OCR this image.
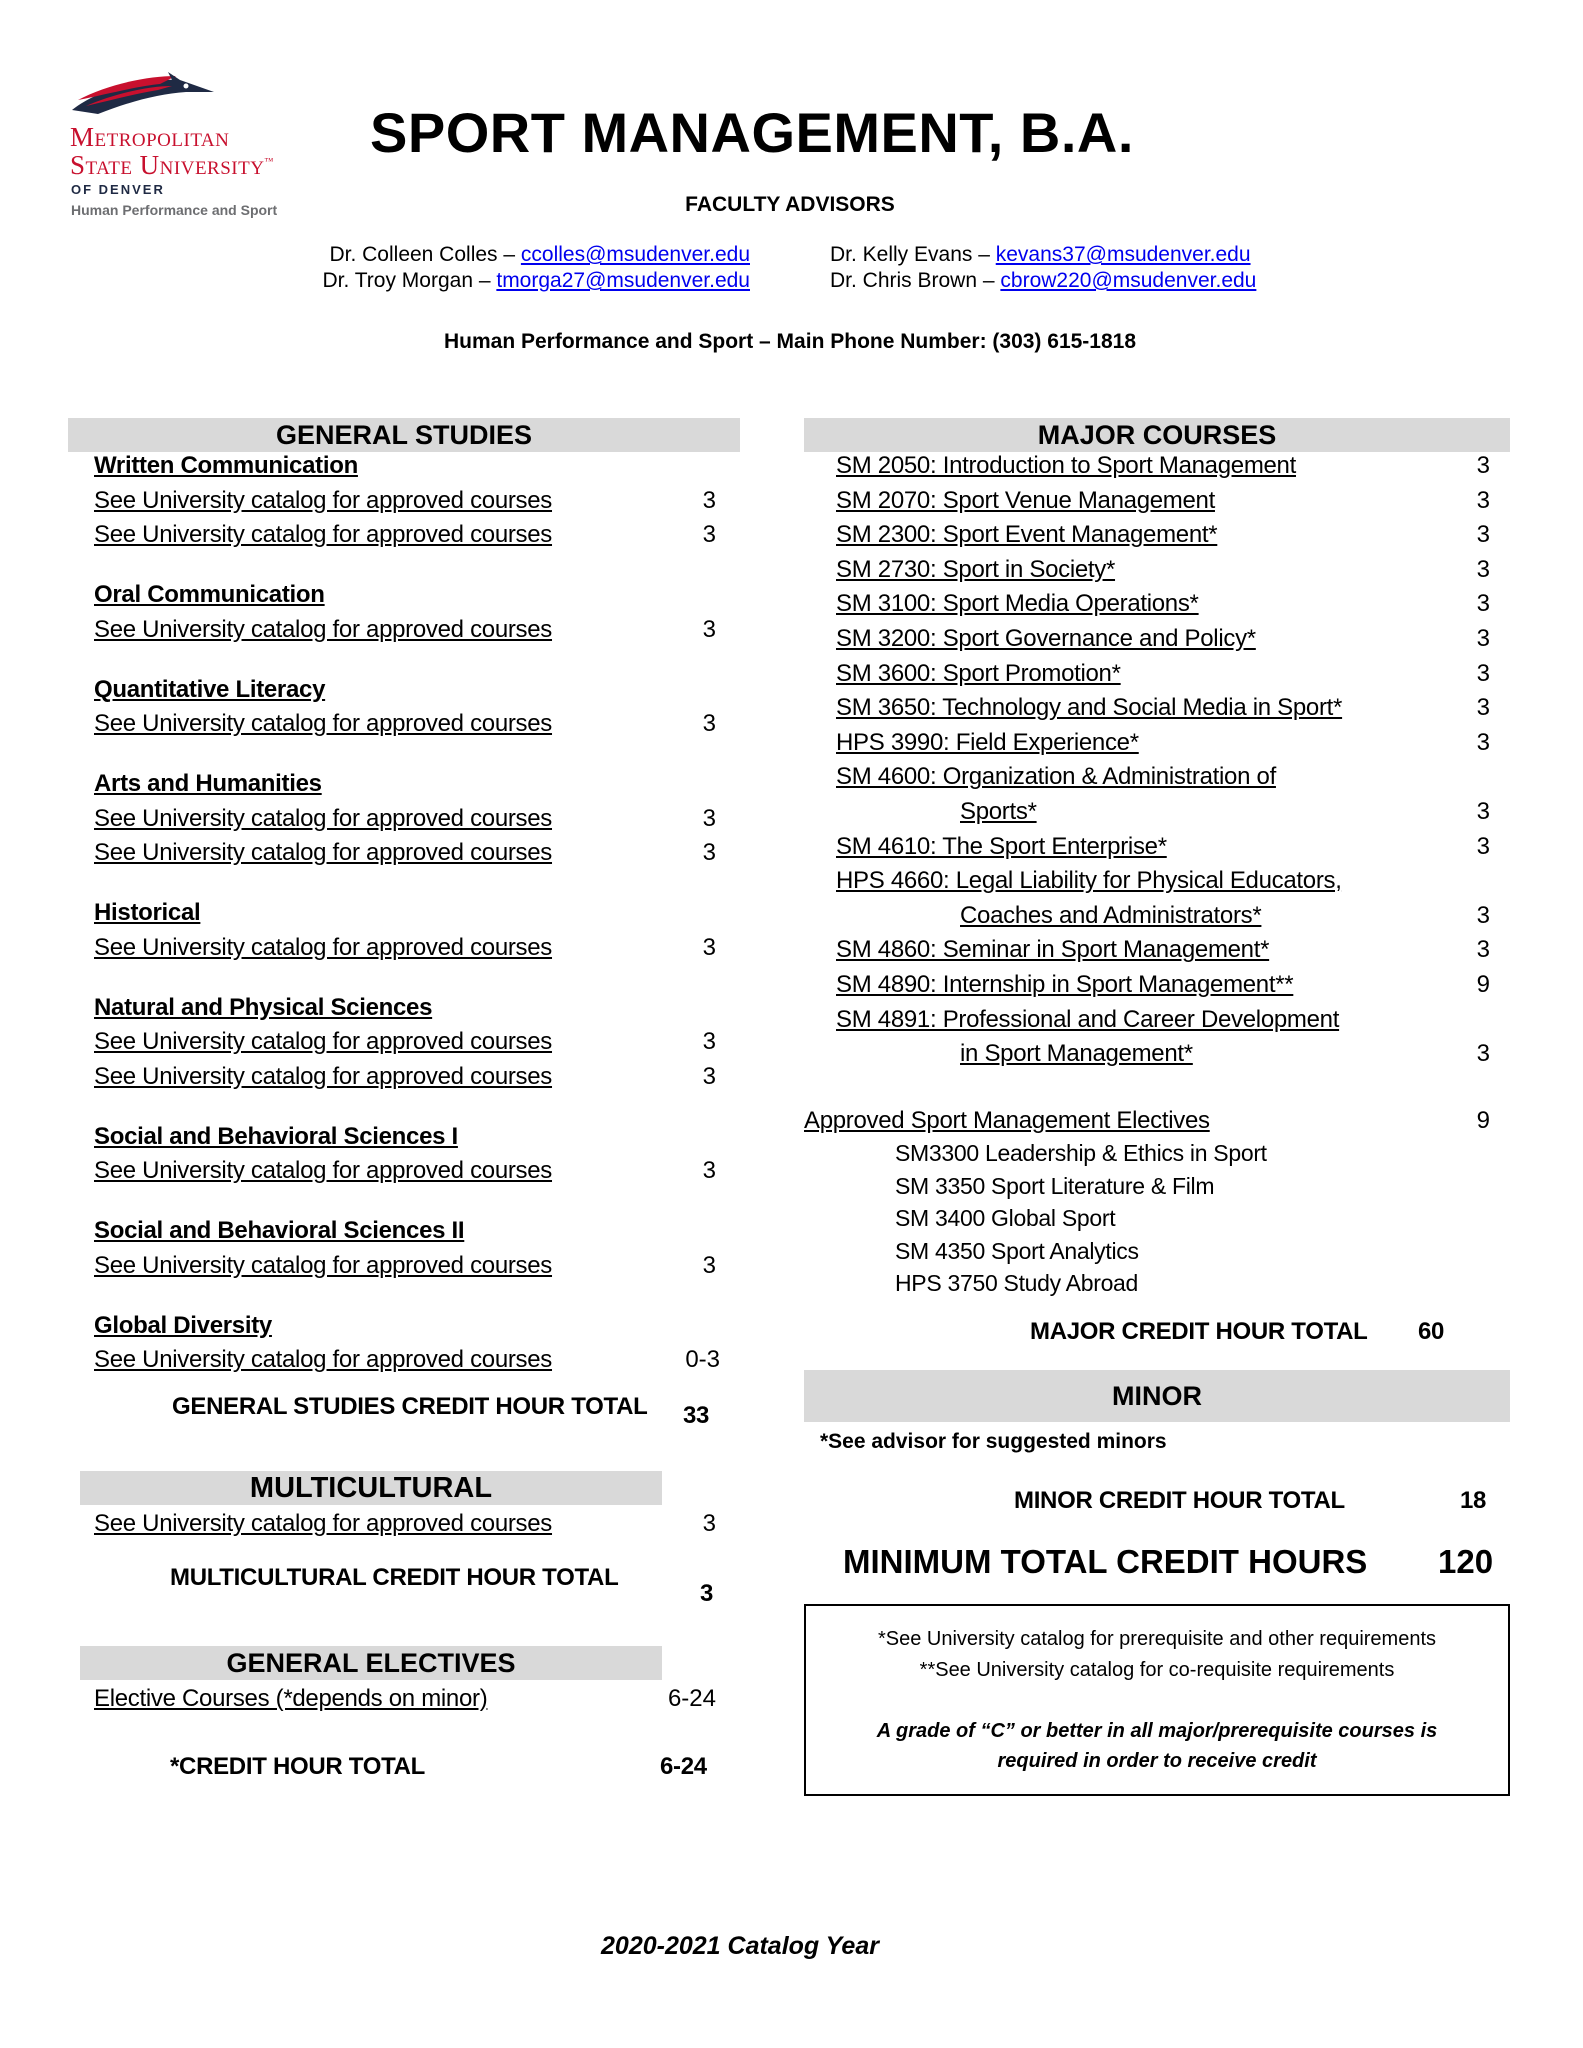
Metropolitan
State University™
OF DENVER
Human Performance and Sport
SPORT MANAGEMENT, B.A.
FACULTY ADVISORS
Dr. Colleen Colles – ccolles@msudenver.edu
Dr. Troy Morgan – tmorga27@msudenver.edu
Dr. Kelly Evans – kevans37@msudenver.edu
Dr. Chris Brown – cbrow220@msudenver.edu
Human Performance and Sport – Main Phone Number: (303) 615-1818
GENERAL STUDIES
Written Communication
See University catalog for approved courses	3
See University catalog for approved courses	3
Oral Communication
See University catalog for approved courses	3
Quantitative Literacy
See University catalog for approved courses	3
Arts and Humanities
See University catalog for approved courses	3
See University catalog for approved courses	3
Historical
See University catalog for approved courses	3
Natural and Physical Sciences
See University catalog for approved courses	3
See University catalog for approved courses	3
Social and Behavioral Sciences I
See University catalog for approved courses	3
Social and Behavioral Sciences II
See University catalog for approved courses	3
Global Diversity
See University catalog for approved courses	0-3
GENERAL STUDIES CREDIT HOUR TOTAL 33
MULTICULTURAL
See University catalog for approved courses	3
MULTICULTURAL CREDIT HOUR TOTAL
3
GENERAL ELECTIVES
Elective Courses (*depends on minor)	6-24
*CREDIT HOUR TOTAL	6-24
MAJOR COURSES
SM 2050: Introduction to Sport Management	3
SM 2070: Sport Venue Management	3
SM 2300: Sport Event Management*	3
SM 2730: Sport in Society*	3
SM 3100: Sport Media Operations*	3
SM 3200: Sport Governance and Policy*	3
SM 3600: Sport Promotion*	3
SM 3650: Technology and Social Media in Sport*	3
HPS 3990: Field Experience*	3
SM 4600: Organization & Administration of
Sports*	3
SM 4610: The Sport Enterprise*	3
HPS 4660: Legal Liability for Physical Educators,
Coaches and Administrators*	3
SM 4860: Seminar in Sport Management*	3
SM 4890: Internship in Sport Management**	9
SM 4891: Professional and Career Development
in Sport Management*	3
Approved Sport Management Electives	9
SM3300 Leadership & Ethics in Sport
SM 3350 Sport Literature & Film
SM 3400 Global Sport
SM 4350 Sport Analytics
HPS 3750 Study Abroad
MAJOR CREDIT HOUR TOTAL 60
MINOR
*See advisor for suggested minors
MINOR CREDIT HOUR TOTAL	18
MINIMUM TOTAL CREDIT HOURS 120
*See University catalog for prerequisite and other requirements
**See University catalog for co-requisite requirements
A grade of “C” or better in all major/prerequisite courses is
required in order to receive credit
2020-2021 Catalog Year
